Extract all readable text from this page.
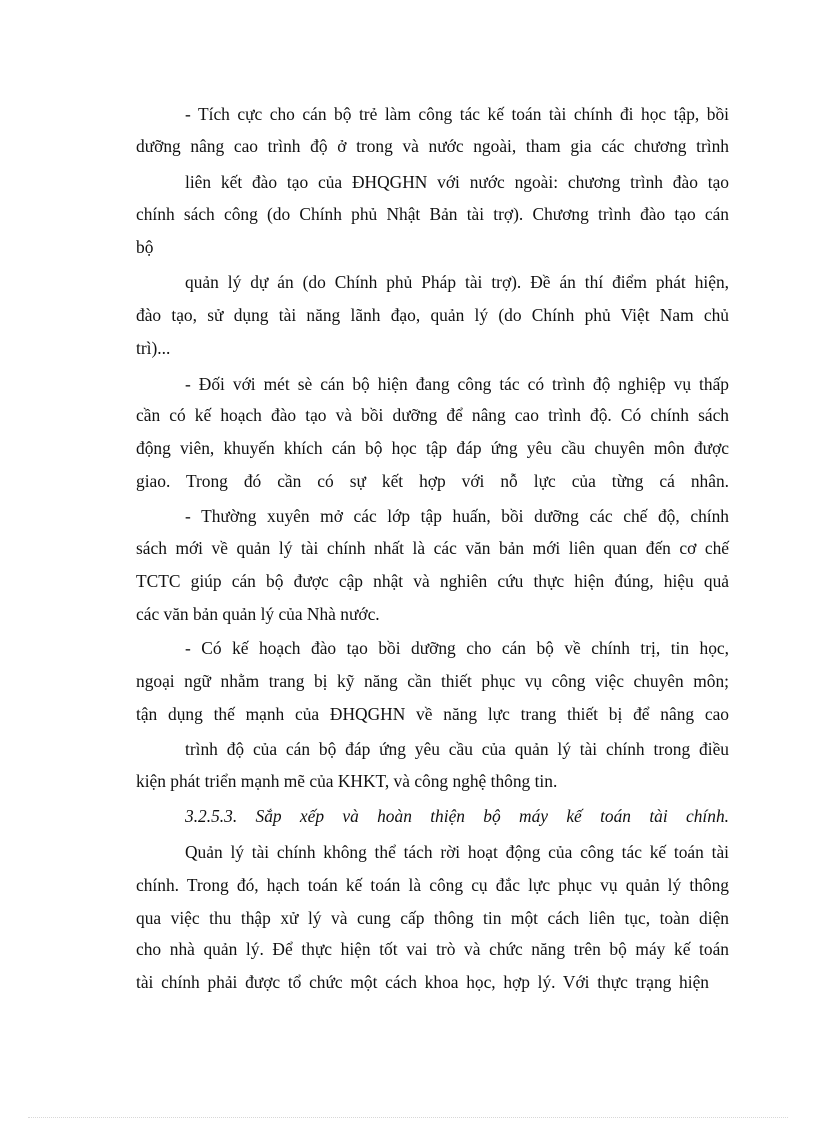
- Tích cực cho cán bộ trẻ làm công tác kế toán tài chính đi học tập, bồi
dưỡng nâng cao trình độ ở trong và nước ngoài, tham gia các chương trình
liên kết đào tạo của ĐHQGHN với nước ngoài: chương trình đào tạo
chính sách công (do Chính phủ Nhật Bản tài trợ). Chương trình đào tạo cán
bộ
quản lý dự án (do Chính phủ Pháp tài trợ). Đề án thí điểm phát hiện,
đào tạo, sử dụng tài năng lãnh đạo, quản lý (do Chính phủ Việt Nam chủ
trì)...
- Đối với mét sè cán bộ hiện đang công tác có trình độ nghiệp vụ thấp
cần có kế hoạch đào tạo và bồi dưỡng để nâng cao trình độ. Có chính sách
động viên, khuyến khích cán bộ học tập đáp ứng yêu cầu chuyên môn được
giao. Trong đó cần có sự kết hợp với nỗ lực của từng cá nhân.
- Thường xuyên mở các lớp tập huấn, bồi dưỡng các chế độ, chính
sách mới về quản lý tài chính nhất là các văn bản mới liên quan đến cơ chế
TCTC giúp cán bộ được cập nhật và nghiên cứu thực hiện đúng, hiệu quả
các văn bản quản lý của Nhà nước.
- Có kế hoạch đào tạo bồi dưỡng cho cán bộ về chính trị, tin học,
ngoại ngữ nhằm trang bị kỹ năng cần thiết phục vụ công việc chuyên môn;
tận dụng thế mạnh của ĐHQGHN về năng lực trang thiết bị để nâng cao
trình độ của cán bộ đáp ứng yêu cầu của quản lý tài chính trong điều
kiện phát triển mạnh mẽ của KHKT, và công nghệ thông tin.
3.2.5.3. Sắp xếp và hoàn thiện bộ máy kế toán tài chính.
Quản lý tài chính không thể tách rời hoạt động của công tác kế toán tài
chính. Trong đó, hạch toán kế toán là công cụ đắc lực phục vụ quản lý thông
qua việc thu thập xử lý và cung cấp thông tin một cách liên tục, toàn diện
cho nhà quản lý. Để thực hiện tốt vai trò và chức năng trên bộ máy kế toán
tài chính phải được tổ chức một cách khoa học, hợp lý. Với thực trạng hiện
